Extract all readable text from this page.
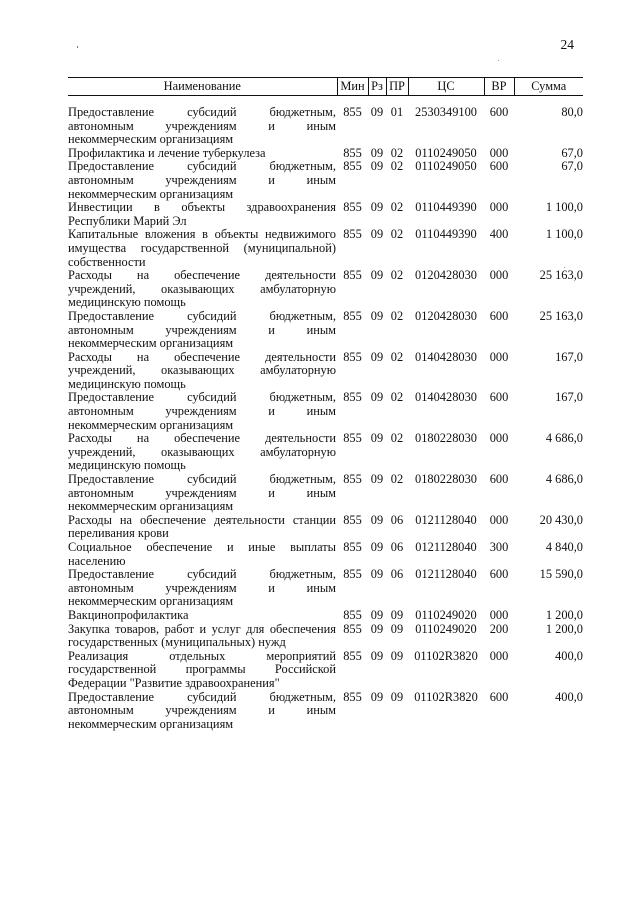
24
Наименование	Мин	Рз	ПР	ЦС	ВР	Сумма
Предоставление субсидий бюджетным, автономным учреждениям и иным некоммерческим организациям	855	09	01	2530349100	600	80,0
Профилактика и лечение туберкулеза	855	09	02	0110249050	000	67,0
Предоставление субсидий бюджетным, автономным учреждениям и иным некоммерческим организациям	855	09	02	0110249050	600	67,0
Инвестиции в объекты здравоохранения Республики Марий Эл	855	09	02	0110449390	000	1 100,0
Капитальные вложения в объекты недвижимого имущества государственной (муниципальной) собственности	855	09	02	0110449390	400	1 100,0
Расходы на обеспечение деятельности учреждений, оказывающих амбулаторную медицинскую помощь	855	09	02	0120428030	000	25 163,0
Предоставление субсидий бюджетным, автономным учреждениям и иным некоммерческим организациям	855	09	02	0120428030	600	25 163,0
Расходы на обеспечение деятельности учреждений, оказывающих амбулаторную медицинскую помощь	855	09	02	0140428030	000	167,0
Предоставление субсидий бюджетным, автономным учреждениям и иным некоммерческим организациям	855	09	02	0140428030	600	167,0
Расходы на обеспечение деятельности учреждений, оказывающих амбулаторную медицинскую помощь	855	09	02	0180228030	000	4 686,0
Предоставление субсидий бюджетным, автономным учреждениям и иным некоммерческим организациям	855	09	02	0180228030	600	4 686,0
Расходы на обеспечение деятельности станции переливания крови	855	09	06	0121128040	000	20 430,0
Социальное обеспечение и иные выплаты населению	855	09	06	0121128040	300	4 840,0
Предоставление субсидий бюджетным, автономным учреждениям и иным некоммерческим организациям	855	09	06	0121128040	600	15 590,0
Вакцинопрофилактика	855	09	09	0110249020	000	1 200,0
Закупка товаров, работ и услуг для обеспечения государственных (муниципальных) нужд	855	09	09	0110249020	200	1 200,0
Реализация отдельных мероприятий государственной программы Российской Федерации "Развитие здравоохранения"	855	09	09	01102R3820	000	400,0
Предоставление субсидий бюджетным, автономным учреждениям и иным некоммерческим организациям	855	09	09	01102R3820	600	400,0
